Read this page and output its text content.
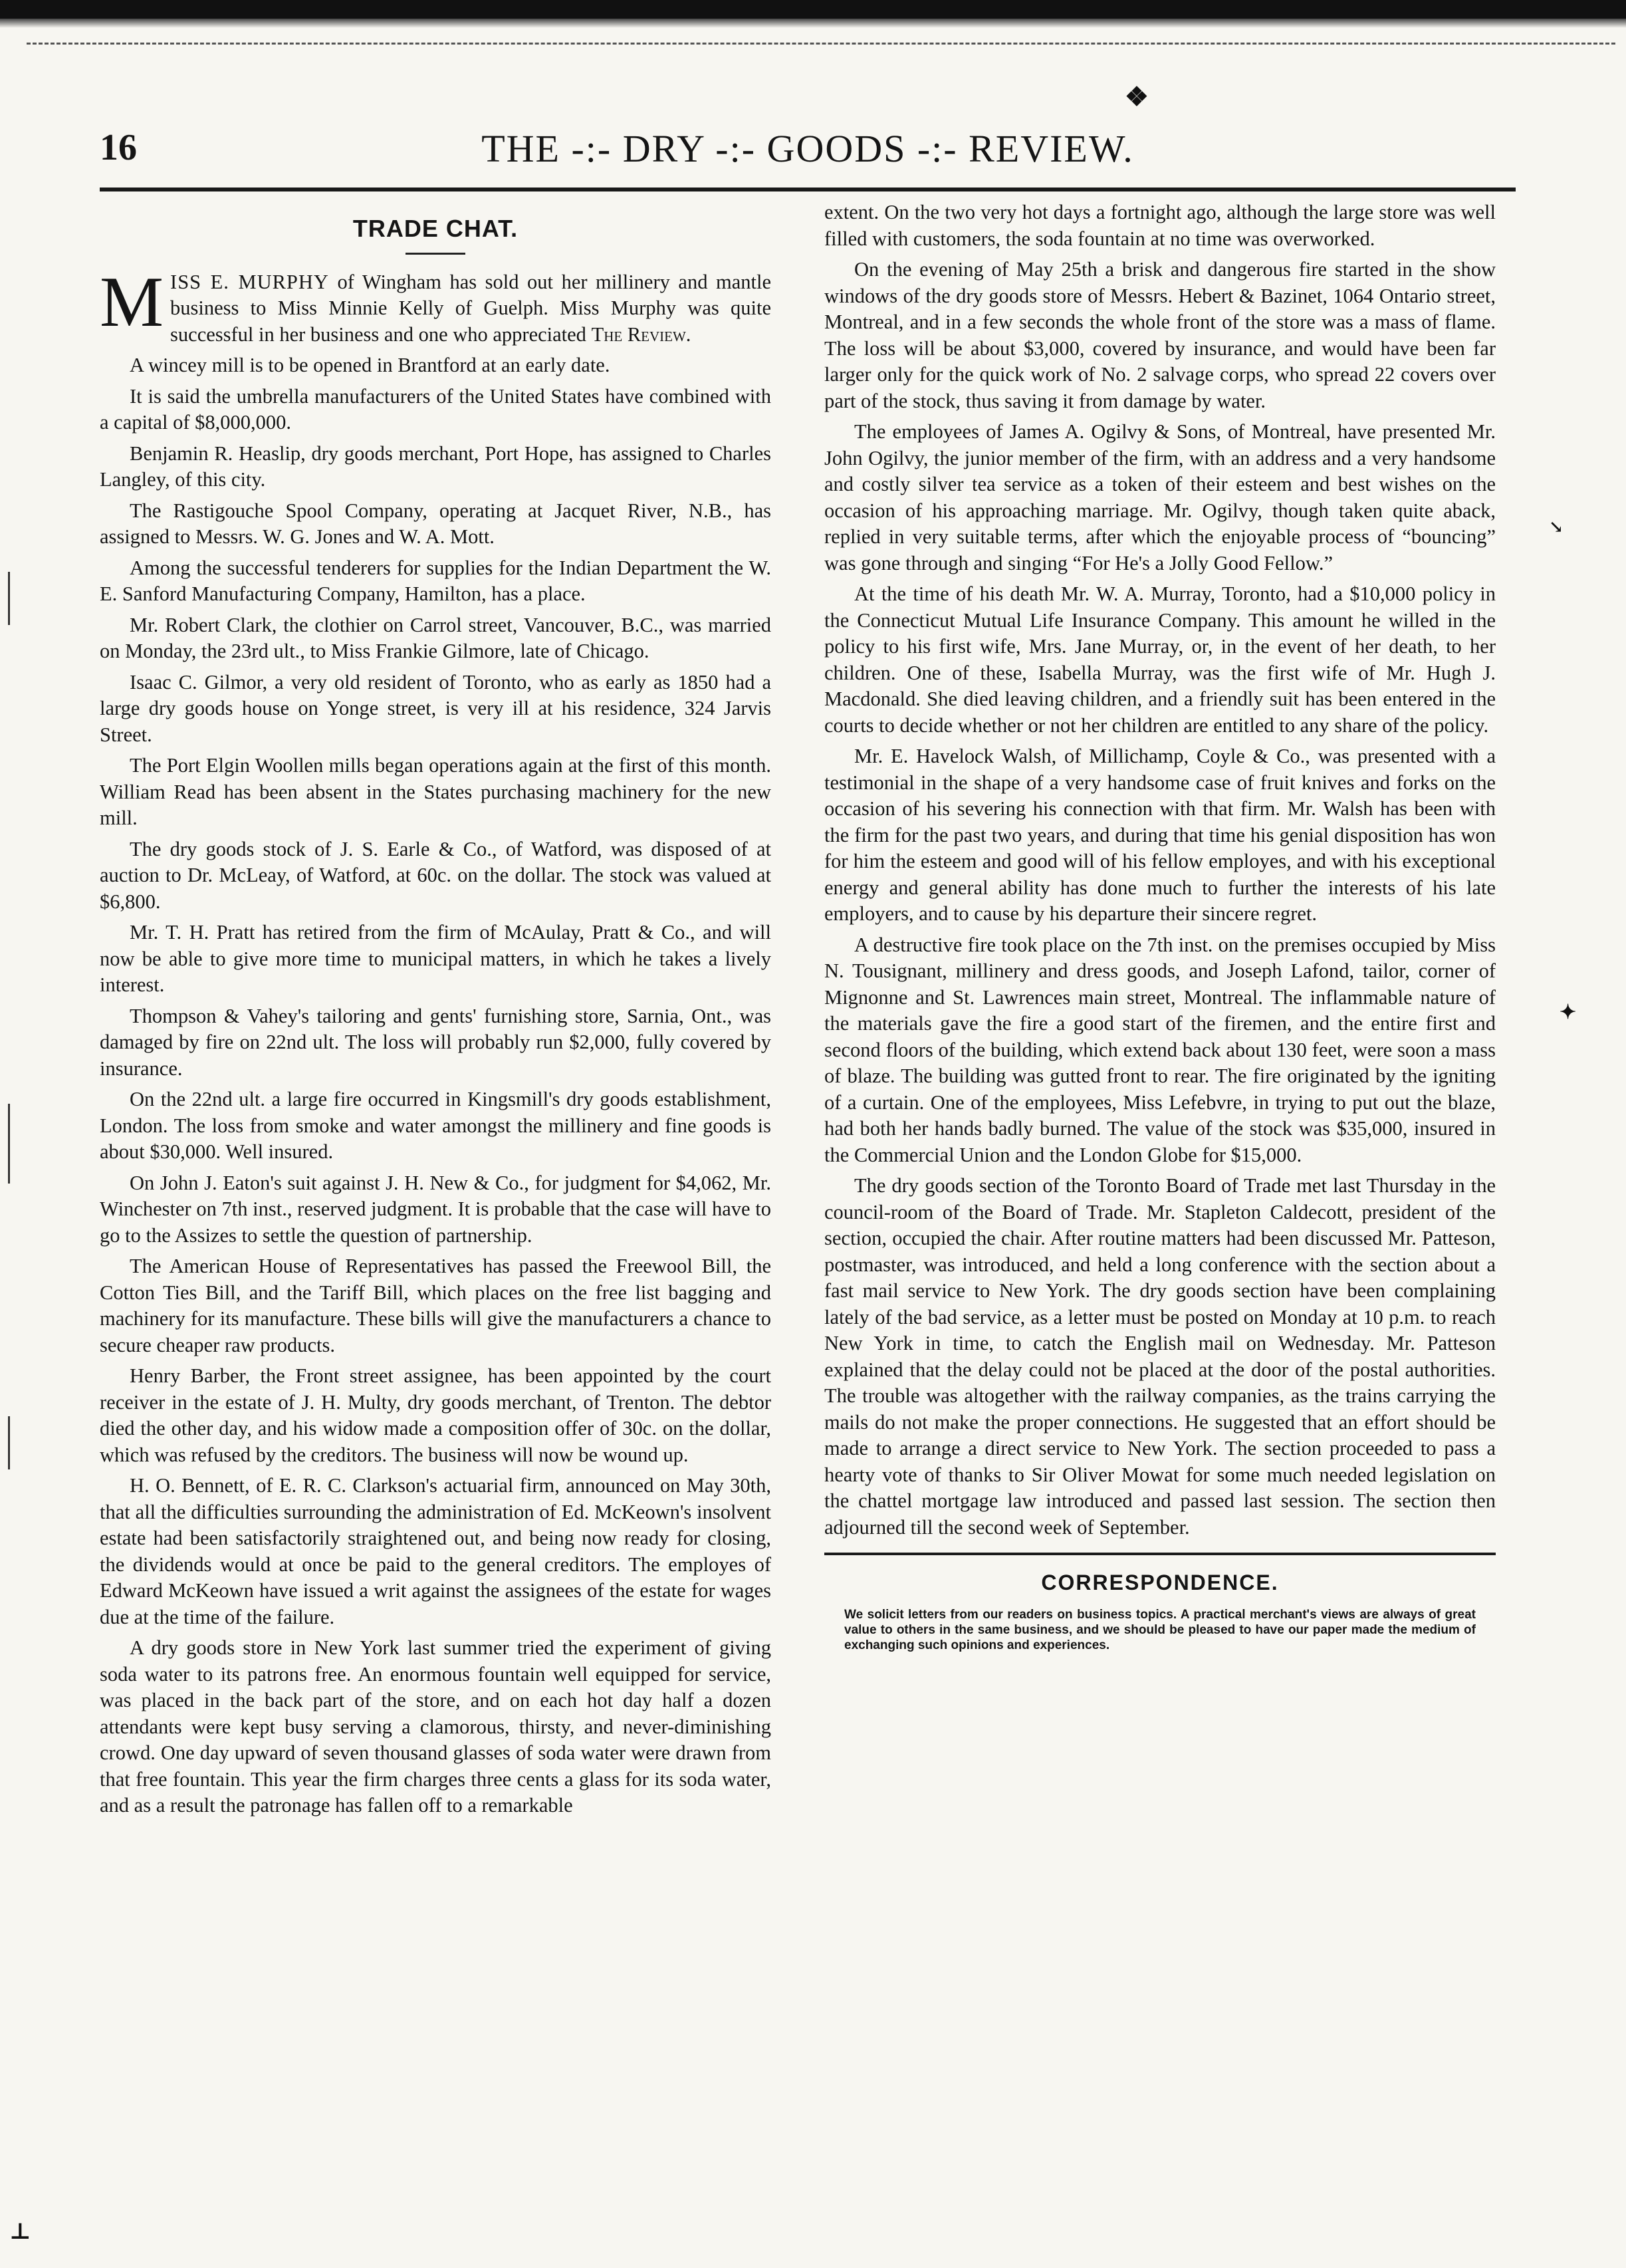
❖
✦
↘
⊥
16	THE -:- DRY -:- GOODS -:- REVIEW.
TRADE CHAT.

MISS E. MURPHY of Wingham has sold out her millinery and mantle business to Miss Minnie Kelly of Guelph. Miss Murphy was quite successful in her business and one who appreciated The Review.

A wincey mill is to be opened in Brantford at an early date.

It is said the umbrella manufacturers of the United States have combined with a capital of $8,000,000.

Benjamin R. Heaslip, dry goods merchant, Port Hope, has assigned to Charles Langley, of this city.

The Rastigouche Spool Company, operating at Jacquet River, N.B., has assigned to Messrs. W. G. Jones and W. A. Mott.

Among the successful tenderers for supplies for the Indian Department the W. E. Sanford Manufacturing Company, Hamilton, has a place.

Mr. Robert Clark, the clothier on Carrol street, Vancouver, B.C., was married on Monday, the 23rd ult., to Miss Frankie Gilmore, late of Chicago.

Isaac C. Gilmor, a very old resident of Toronto, who as early as 1850 had a large dry goods house on Yonge street, is very ill at his residence, 324 Jarvis Street.

The Port Elgin Woollen mills began operations again at the first of this month. William Read has been absent in the States purchasing machinery for the new mill.

The dry goods stock of J. S. Earle & Co., of Watford, was disposed of at auction to Dr. McLeay, of Watford, at 60c. on the dollar. The stock was valued at $6,800.

Mr. T. H. Pratt has retired from the firm of McAulay, Pratt & Co., and will now be able to give more time to municipal matters, in which he takes a lively interest.

Thompson & Vahey's tailoring and gents' furnishing store, Sarnia, Ont., was damaged by fire on 22nd ult. The loss will probably run $2,000, fully covered by insurance.

On the 22nd ult. a large fire occurred in Kingsmill's dry goods establishment, London. The loss from smoke and water amongst the millinery and fine goods is about $30,000. Well insured.

On John J. Eaton's suit against J. H. New & Co., for judgment for $4,062, Mr. Winchester on 7th inst., reserved judgment. It is probable that the case will have to go to the Assizes to settle the question of partnership.

The American House of Representatives has passed the Freewool Bill, the Cotton Ties Bill, and the Tariff Bill, which places on the free list bagging and machinery for its manufacture. These bills will give the manufacturers a chance to secure cheaper raw products.

Henry Barber, the Front street assignee, has been appointed by the court receiver in the estate of J. H. Multy, dry goods merchant, of Trenton. The debtor died the other day, and his widow made a composition offer of 30c. on the dollar, which was refused by the creditors. The business will now be wound up.

H. O. Bennett, of E. R. C. Clarkson's actuarial firm, announced on May 30th, that all the difficulties surrounding the administration of Ed. McKeown's insolvent estate had been satisfactorily straightened out, and being now ready for closing, the dividends would at once be paid to the general creditors. The employes of Edward McKeown have issued a writ against the assignees of the estate for wages due at the time of the failure.

A dry goods store in New York last summer tried the experiment of giving soda water to its patrons free. An enormous fountain well equipped for service, was placed in the back part of the store, and on each hot day half a dozen attendants were kept busy serving a clamorous, thirsty, and never-diminishing crowd. One day upward of seven thousand glasses of soda water were drawn from that free fountain. This year the firm charges three cents a glass for its soda water, and as a result the patronage has fallen off to a remarkable

extent. On the two very hot days a fortnight ago, although the large store was well filled with customers, the soda fountain at no time was overworked.

On the evening of May 25th a brisk and dangerous fire started in the show windows of the dry goods store of Messrs. Hebert & Bazinet, 1064 Ontario street, Montreal, and in a few seconds the whole front of the store was a mass of flame. The loss will be about $3,000, covered by insurance, and would have been far larger only for the quick work of No. 2 salvage corps, who spread 22 covers over part of the stock, thus saving it from damage by water.

The employees of James A. Ogilvy & Sons, of Montreal, have presented Mr. John Ogilvy, the junior member of the firm, with an address and a very handsome and costly silver tea service as a token of their esteem and best wishes on the occasion of his approaching marriage. Mr. Ogilvy, though taken quite aback, replied in very suitable terms, after which the enjoyable process of “bouncing” was gone through and singing “For He's a Jolly Good Fellow.”

At the time of his death Mr. W. A. Murray, Toronto, had a $10,000 policy in the Connecticut Mutual Life Insurance Company. This amount he willed in the policy to his first wife, Mrs. Jane Murray, or, in the event of her death, to her children. One of these, Isabella Murray, was the first wife of Mr. Hugh J. Macdonald. She died leaving children, and a friendly suit has been entered in the courts to decide whether or not her children are entitled to any share of the policy.

Mr. E. Havelock Walsh, of Millichamp, Coyle & Co., was presented with a testimonial in the shape of a very handsome case of fruit knives and forks on the occasion of his severing his connection with that firm. Mr. Walsh has been with the firm for the past two years, and during that time his genial disposition has won for him the esteem and good will of his fellow employes, and with his exceptional energy and general ability has done much to further the interests of his late employers, and to cause by his departure their sincere regret.

A destructive fire took place on the 7th inst. on the premises occupied by Miss N. Tousignant, millinery and dress goods, and Joseph Lafond, tailor, corner of Mignonne and St. Lawrences main street, Montreal. The inflammable nature of the materials gave the fire a good start of the firemen, and the entire first and second floors of the building, which extend back about 130 feet, were soon a mass of blaze. The building was gutted front to rear. The fire originated by the igniting of a curtain. One of the employees, Miss Lefebvre, in trying to put out the blaze, had both her hands badly burned. The value of the stock was $35,000, insured in the Commercial Union and the London Globe for $15,000.

The dry goods section of the Toronto Board of Trade met last Thursday in the council-room of the Board of Trade. Mr. Stapleton Caldecott, president of the section, occupied the chair. After routine matters had been discussed Mr. Patteson, postmaster, was introduced, and held a long conference with the section about a fast mail service to New York. The dry goods section have been complaining lately of the bad service, as a letter must be posted on Monday at 10 p.m. to reach New York in time, to catch the English mail on Wednesday. Mr. Patteson explained that the delay could not be placed at the door of the postal authorities. The trouble was altogether with the railway companies, as the trains carrying the mails do not make the proper connections. He suggested that an effort should be made to arrange a direct service to New York. The section proceeded to pass a hearty vote of thanks to Sir Oliver Mowat for some much needed legislation on the chattel mortgage law introduced and passed last session. The section then adjourned till the second week of September.

CORRESPONDENCE.
We solicit letters from our readers on business topics. A practical merchant's views are always of great value to others in the same business, and we should be pleased to have our paper made the medium of exchanging such opinions and experiences.
